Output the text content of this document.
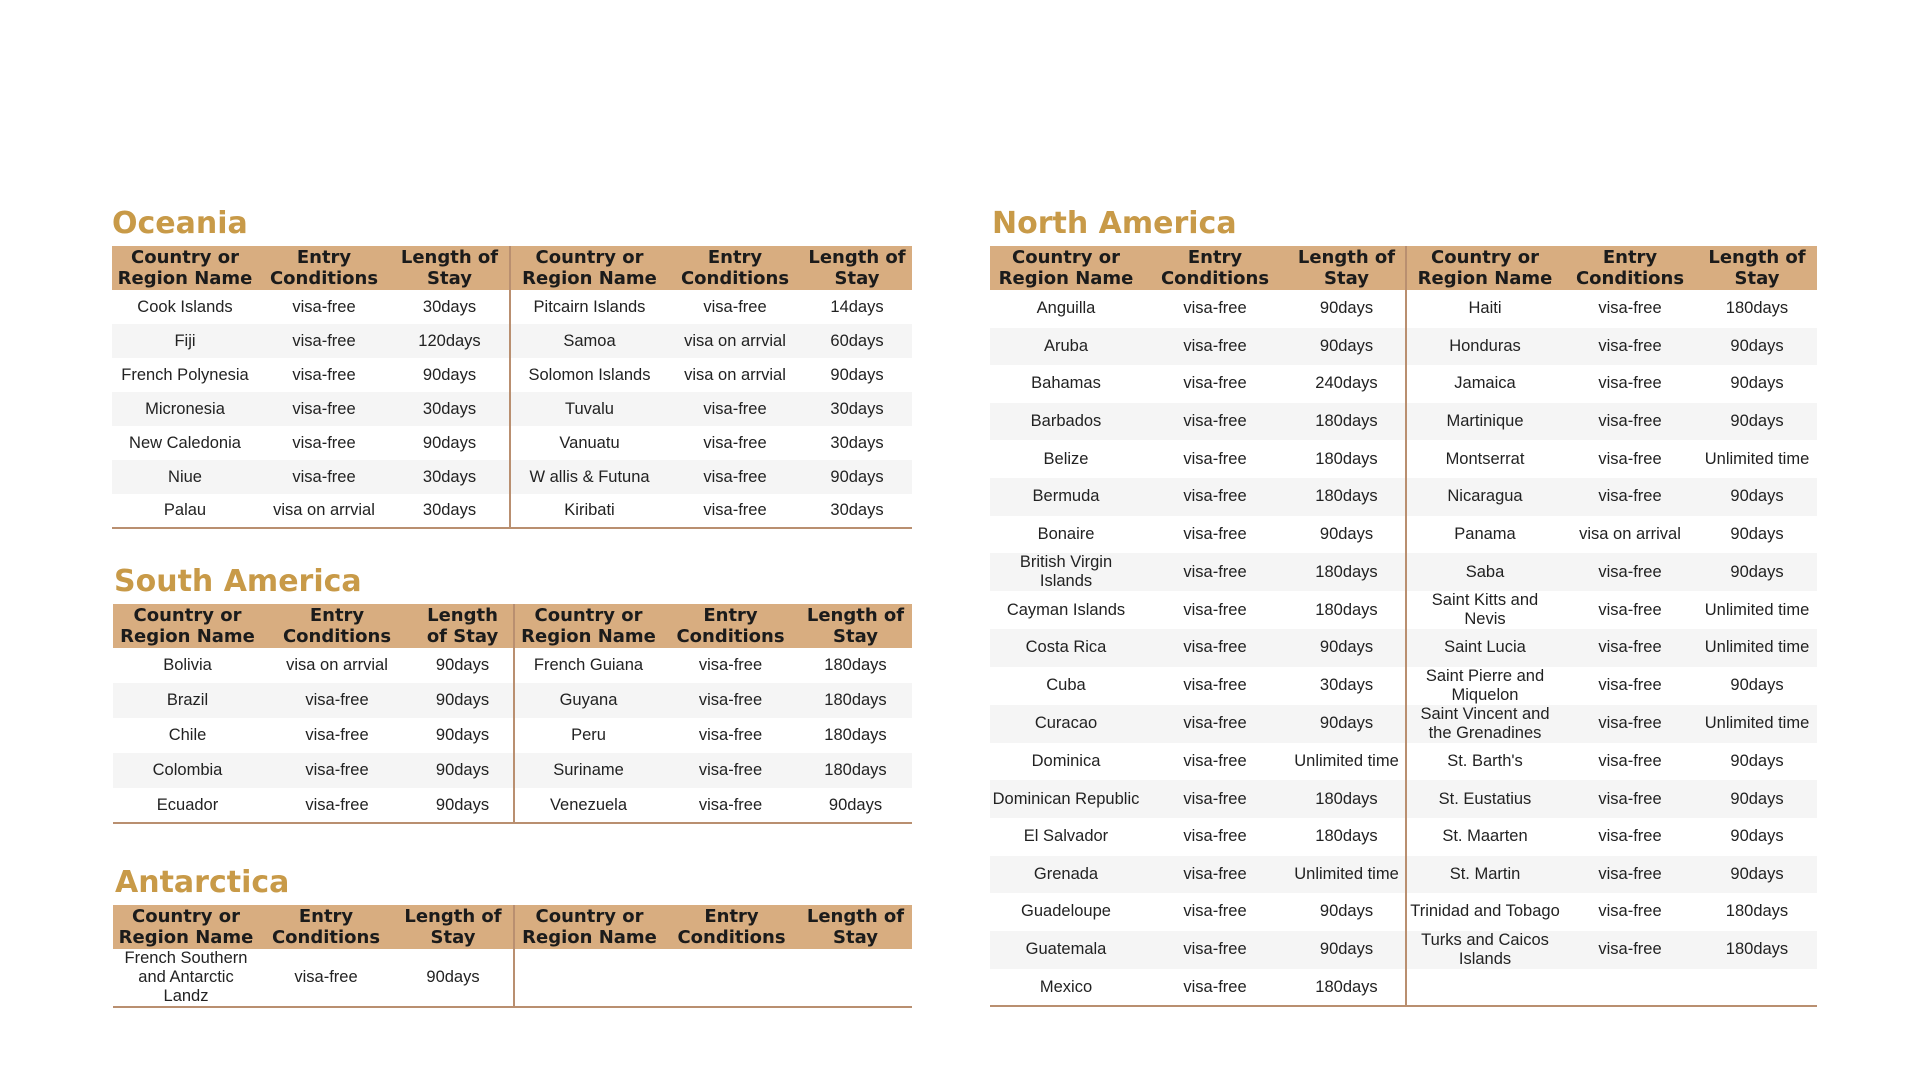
Oceania
Country or Region Name	Entry Conditions	Length of Stay	Country or Region Name	Entry Conditions	Length of Stay
Cook Islands	visa-free	30days	Pitcairn Islands	visa-free	14days
Fiji	visa-free	120days	Samoa	visa on arrvial	60days
French Polynesia	visa-free	90days	Solomon Islands	visa on arrvial	90days
Micronesia	visa-free	30days	Tuvalu	visa-free	30days
New Caledonia	visa-free	90days	Vanuatu	visa-free	30days
Niue	visa-free	30days	W allis & Futuna	visa-free	90days
Palau	visa on arrvial	30days	Kiribati	visa-free	30days
South America
Country or Region Name	Entry Conditions	Length of Stay	Country or Region Name	Entry Conditions	Length of Stay
Bolivia	visa on arrvial	90days	French Guiana	visa-free	180days
Brazil	visa-free	90days	Guyana	visa-free	180days
Chile	visa-free	90days	Peru	visa-free	180days
Colombia	visa-free	90days	Suriname	visa-free	180days
Ecuador	visa-free	90days	Venezuela	visa-free	90days
Antarctica
Country or Region Name	Entry Conditions	Length of Stay	Country or Region Name	Entry Conditions	Length of Stay
French Southern and Antarctic Landz	visa-free	90days			
North America
Country or Region Name	Entry Conditions	Length of Stay	Country or Region Name	Entry Conditions	Length of Stay
Anguilla	visa-free	90days	Haiti	visa-free	180days
Aruba	visa-free	90days	Honduras	visa-free	90days
Bahamas	visa-free	240days	Jamaica	visa-free	90days
Barbados	visa-free	180days	Martinique	visa-free	90days
Belize	visa-free	180days	Montserrat	visa-free	Unlimited time
Bermuda	visa-free	180days	Nicaragua	visa-free	90days
Bonaire	visa-free	90days	Panama	visa on arrival	90days
British Virgin Islands	visa-free	180days	Saba	visa-free	90days
Cayman Islands	visa-free	180days	Saint Kitts and Nevis	visa-free	Unlimited time
Costa Rica	visa-free	90days	Saint Lucia	visa-free	Unlimited time
Cuba	visa-free	30days	Saint Pierre and Miquelon	visa-free	90days
Curacao	visa-free	90days	Saint Vincent and the Grenadines	visa-free	Unlimited time
Dominica	visa-free	Unlimited time	St. Barth's	visa-free	90days
Dominican Republic	visa-free	180days	St. Eustatius	visa-free	90days
El Salvador	visa-free	180days	St. Maarten	visa-free	90days
Grenada	visa-free	Unlimited time	St. Martin	visa-free	90days
Guadeloupe	visa-free	90days	Trinidad and Tobago	visa-free	180days
Guatemala	visa-free	90days	Turks and Caicos Islands	visa-free	180days
Mexico	visa-free	180days			
